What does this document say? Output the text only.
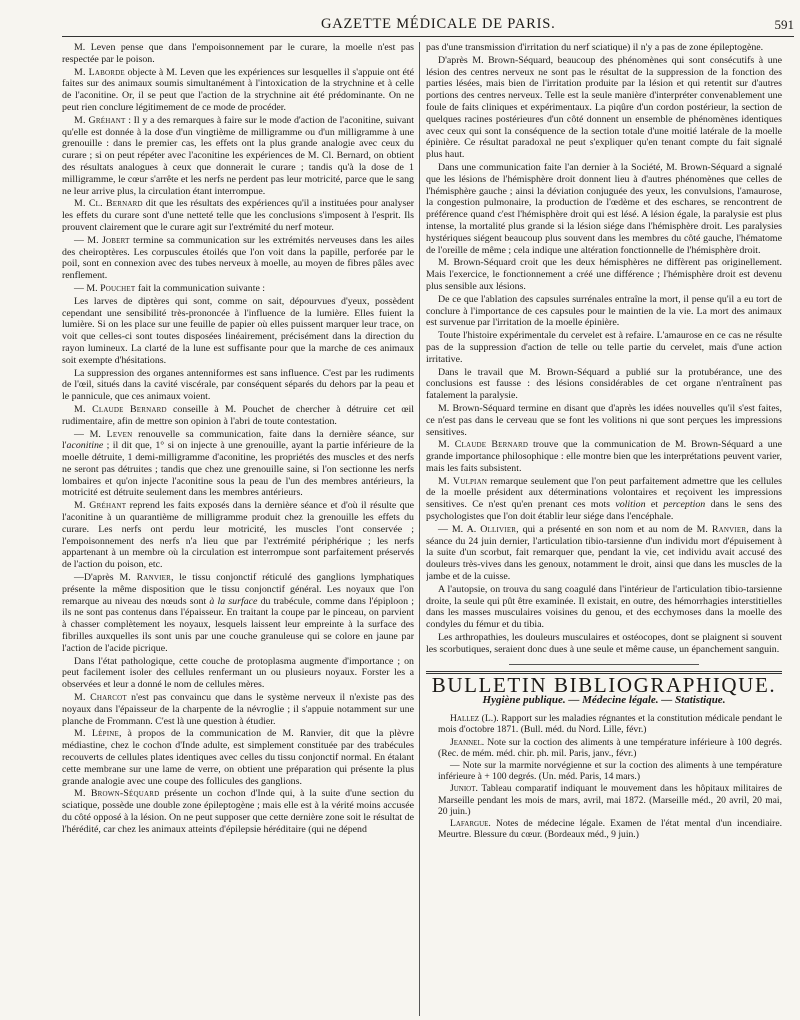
GAZETTE MÉDICALE DE PARIS.	591

M. Leven pense que dans l'empoisonnement par le curare, la moelle n'est pas respectée par le poison.

M. Laborde objecte à M. Leven que les expériences sur lesquelles il s'appuie ont été faites sur des animaux soumis simultanément à l'intoxication de la strychnine et à celle de l'aconitine. Or, il se peut que l'action de la strychnine ait été prédominante. On ne peut rien conclure légitimement de ce mode de procéder.

M. Gréhant : Il y a des remarques à faire sur le mode d'action de l'aconitine, suivant qu'elle est donnée à la dose d'un vingtième de milligramme ou d'un milligramme à une grenouille : dans le premier cas, les effets ont la plus grande analogie avec ceux du curare ; si on peut répéter avec l'aconitine les expériences de M. Cl. Bernard, on obtient des résultats analogues à ceux que donnerait le curare ; tandis qu'à la dose de 1 milligramme, le cœur s'arrête et les nerfs ne perdent pas leur motricité, parce que le sang ne leur arrive plus, la circulation étant interrompue.

M. Cl. Bernard dit que les résultats des expériences qu'il a instituées pour analyser les effets du curare sont d'une netteté telle que les conclusions s'imposent à l'esprit. Ils prouvent clairement que le curare agit sur l'extrémité du nerf moteur.

— M. Jobert termine sa communication sur les extrémités nerveuses dans les ailes des cheiroptères. Les corpuscules étoilés que l'on voit dans la papille, perforée par le poil, sont en connexion avec des tubes nerveux à moelle, au moyen de fibres pâles avec renflement.

— M. Pouchet fait la communication suivante :

Les larves de diptères qui sont, comme on sait, dépourvues d'yeux, possèdent cependant une sensibilité très-prononcée à l'influence de la lumière. Elles fuient la lumière. Si on les place sur une feuille de papier où elles puissent marquer leur trace, on voit que celles-ci sont toutes disposées linéairement, précisément dans la direction du rayon lumineux. La clarté de la lune est suffisante pour que la marche de ces animaux soit exempte d'hésitations.

La suppression des organes antenniformes est sans influence. C'est par les rudiments de l'œil, situés dans la cavité viscérale, par conséquent séparés du dehors par la peau et le pannicule, que ces animaux voient.

M. Claude Bernard conseille à M. Pouchet de chercher à détruire cet œil rudimentaire, afin de mettre son opinion à l'abri de toute contestation.

— M. Leven renouvelle sa communication, faite dans la dernière séance, sur l'aconitine ; il dit que, 1° si on injecte à une grenouille, ayant la partie inférieure de la moelle détruite, 1 demi-milligramme d'aconitine, les propriétés des muscles et des nerfs ne seront pas détruites ; tandis que chez une grenouille saine, si l'on sectionne les nerfs lombaires et qu'on injecte l'aconitine sous la peau de l'un des membres antérieurs, la motricité est détruite seulement dans les membres antérieurs.

M. Gréhant reprend les faits exposés dans la dernière séance et d'où il résulte que l'aconitine à un quarantième de milligramme produit chez la grenouille les effets du curare. Les nerfs ont perdu leur motricité, les muscles l'ont conservée ; l'empoisonnement des nerfs n'a lieu que par l'extrémité périphérique ; les nerfs appartenant à un membre où la circulation est interrompue sont parfaitement préservés de l'action du poison, etc.

—D'après M. Ranvier, le tissu conjonctif réticulé des ganglions lymphatiques présente la même disposition que le tissu conjonctif général. Les noyaux que l'on remarque au niveau des nœuds sont à la surface du trabécule, comme dans l'épiploon ; ils ne sont pas contenus dans l'épaisseur. En traitant la coupe par le pinceau, on parvient à chasser complètement les noyaux, lesquels laissent leur empreinte à la surface des fibrilles auxquelles ils sont unis par une couche granuleuse qui se colore en jaune par l'action de l'acide picrique.

Dans l'état pathologique, cette couche de protoplasma augmente d'importance ; on peut facilement isoler des cellules renfermant un ou plusieurs noyaux. Forster les a observées et leur a donné le nom de cellules mères.

M. Charcot n'est pas convaincu que dans le système nerveux il n'existe pas des noyaux dans l'épaisseur de la charpente de la névroglie ; il s'appuie notamment sur une planche de Frommann. C'est là une question à étudier.

M. Lépine, à propos de la communication de M. Ranvier, dit que la plèvre médiastine, chez le cochon d'Inde adulte, est simplement constituée par des trabécules recouverts de cellules plates identiques avec celles du tissu conjonctif normal. En étalant cette membrane sur une lame de verre, on obtient une préparation qui présente la plus grande analogie avec une coupe des follicules des ganglions.

M. Brown-Séquard présente un cochon d'Inde qui, à la suite d'une section du sciatique, possède une double zone épileptogène ; mais elle est à la vérité moins accusée du côté opposé à la lésion. On ne peut supposer que cette dernière zone soit le résultat de l'hérédité, car chez les animaux atteints d'épilepsie héréditaire (qui ne dépend

pas d'une transmission d'irritation du nerf sciatique) il n'y a pas de zone épileptogène.

D'après M. Brown-Séquard, beaucoup des phénomènes qui sont consécutifs à une lésion des centres nerveux ne sont pas le résultat de la suppression de la fonction des parties lésées, mais bien de l'irritation produite par la lésion et qui retentit sur d'autres portions des centres nerveux. Telle est la seule manière d'interpréter convenablement une foule de faits cliniques et expérimentaux. La piqûre d'un cordon postérieur, la section de quelques racines postérieures d'un côté donnent un ensemble de phénomènes identiques avec ceux qui sont la conséquence de la section totale d'une moitié latérale de la moelle épinière. Ce résultat paradoxal ne peut s'expliquer qu'en tenant compte du fait signalé plus haut.

Dans une communication faite l'an dernier à la Société, M. Brown-Séquard a signalé que les lésions de l'hémisphère droit donnent lieu à d'autres phénomènes que celles de l'hémisphère gauche ; ainsi la déviation conjuguée des yeux, les convulsions, l'amaurose, la congestion pulmonaire, la production de l'œdème et des eschares, se rencontrent de préférence quand c'est l'hémisphère droit qui est lésé. A lésion égale, la paralysie est plus intense, la mortalité plus grande si la lésion siége dans l'hémisphère droit. Les paralysies hystériques siégent beaucoup plus souvent dans les membres du côté gauche, l'hématome de l'oreille de même ; cela indique une altération fonctionnelle de l'hémisphère droit.

M. Brown-Séquard croit que les deux hémisphères ne diffèrent pas originellement. Mais l'exercice, le fonctionnement a créé une différence ; l'hémisphère droit est devenu plus sensible aux lésions.

De ce que l'ablation des capsules surrénales entraîne la mort, il pense qu'il a eu tort de conclure à l'importance de ces capsules pour le maintien de la vie. La mort des animaux est survenue par l'irritation de la moelle épinière.

Toute l'histoire expérimentale du cervelet est à refaire. L'amaurose en ce cas ne résulte pas de la suppression d'action de telle ou telle partie du cervelet, mais d'une action irritative.

Dans le travail que M. Brown-Séquard a publié sur la protubérance, une des conclusions est fausse : des lésions considérables de cet organe n'entraînent pas fatalement la paralysie.

M. Brown-Séquard termine en disant que d'après les idées nouvelles qu'il s'est faites, ce n'est pas dans le cerveau que se font les volitions ni que sont perçues les impressions sensitives.

M. Claude Bernard trouve que la communication de M. Brown-Séquard a une grande importance philosophique : elle montre bien que les interprétations peuvent varier, mais les faits subsistent.

M. Vulpian remarque seulement que l'on peut parfaitement admettre que les cellules de la moelle président aux déterminations volontaires et reçoivent les impressions sensitives. Ce n'est qu'en prenant ces mots volition et perception dans le sens des psychologistes que l'on doit établir leur siége dans l'encéphale.

— M. A. Ollivier, qui a présenté en son nom et au nom de M. Ranvier, dans la séance du 24 juin dernier, l'articulation tibio-tarsienne d'un individu mort d'épuisement à la suite d'un scorbut, fait remarquer que, pendant la vie, cet individu avait accusé des douleurs très-vives dans les genoux, notamment le droit, ainsi que dans les muscles de la jambe et de la cuisse.

A l'autopsie, on trouva du sang coagulé dans l'intérieur de l'articulation tibio-tarsienne droite, la seule qui pût être examinée. Il existait, en outre, des hémorrhagies interstitielles dans les masses musculaires voisines du genou, et des ecchymoses dans la moelle des condyles du fémur et du tibia.

Les arthropathies, les douleurs musculaires et ostéocopes, dont se plaignent si souvent les scorbutiques, seraient donc dues à une seule et même cause, un épanchement sanguin.

BULLETIN BIBLIOGRAPHIQUE.
Hygiène publique. — Médecine légale. — Statistique.

Hallez (L.). Rapport sur les maladies régnantes et la constitution médicale pendant le mois d'octobre 1871. (Bull. méd. du Nord. Lille, févr.)

Jeannel. Note sur la coction des aliments à une température inférieure à 100 degrés. (Rec. de mém. méd. chir. ph. mil. Paris, janv., févr.)

— Note sur la marmite norvégienne et sur la coction des aliments à une température inférieure à + 100 degrés. (Un. méd. Paris, 14 mars.)

Juniot. Tableau comparatif indiquant le mouvement dans les hôpitaux militaires de Marseille pendant les mois de mars, avril, mai 1872. (Marseille méd., 20 avril, 20 mai, 20 juin.)

Lafargue. Notes de médecine légale. Examen de l'état mental d'un incendiaire. Meurtre. Blessure du cœur. (Bordeaux méd., 9 juin.)
